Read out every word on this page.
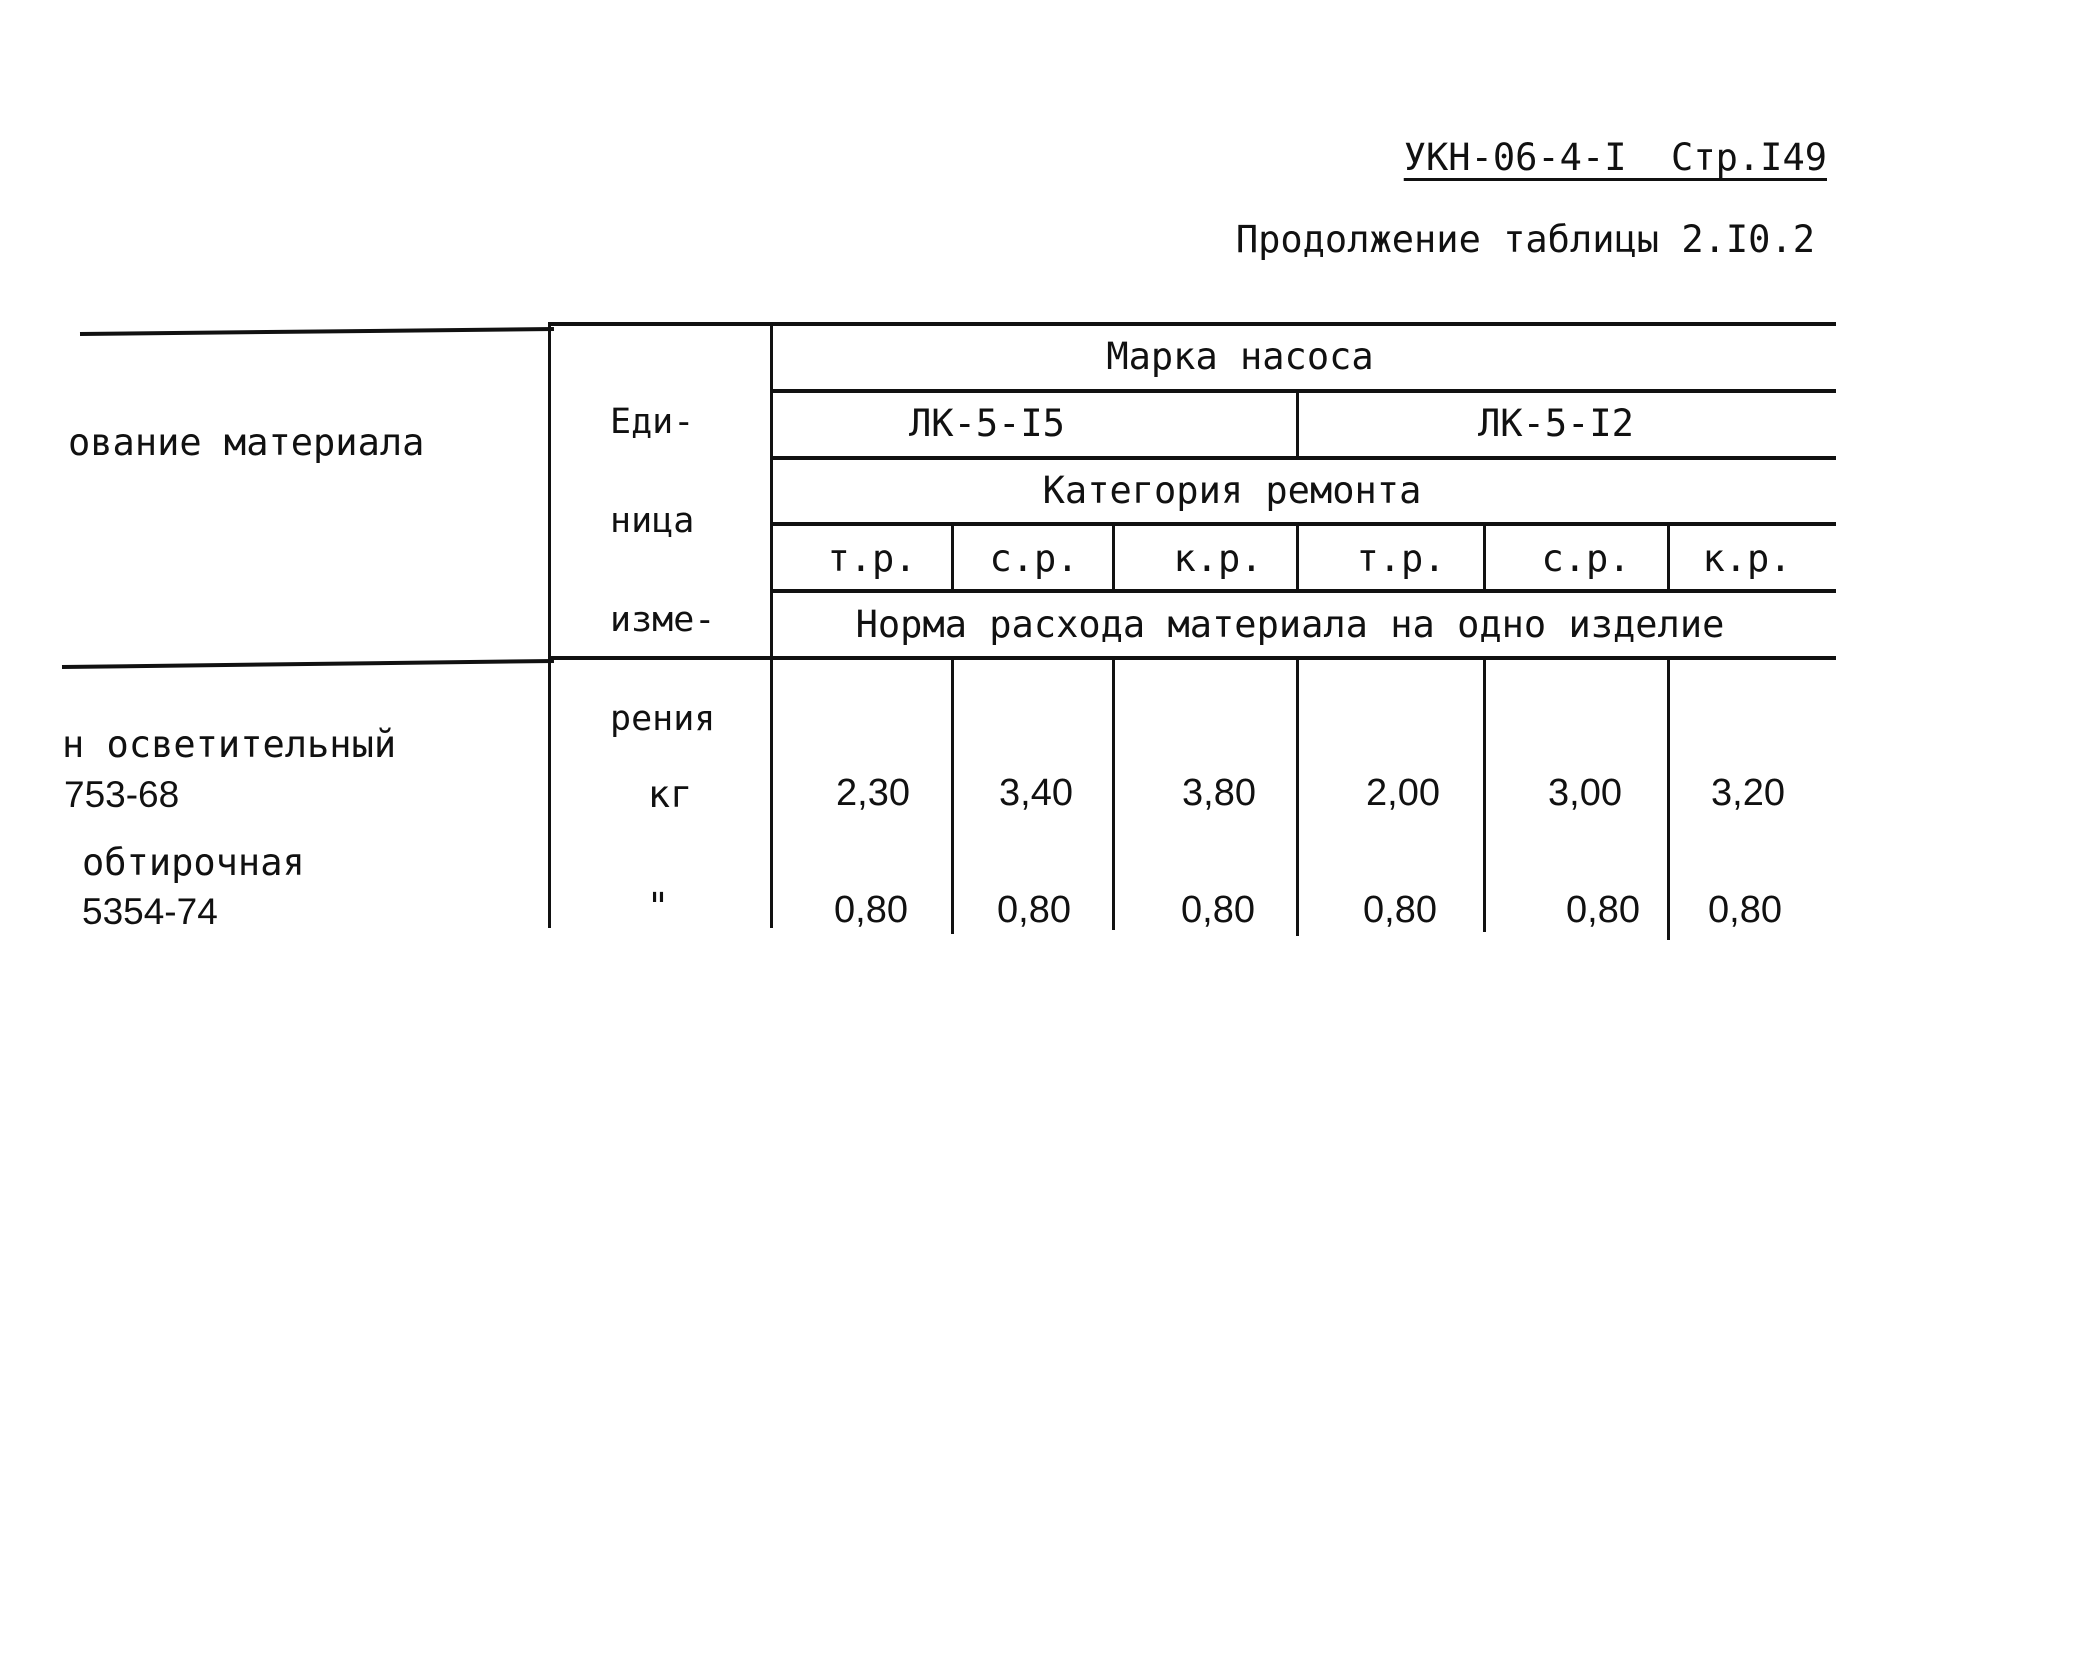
УКН-06-4-I  Стр.I49
Продолжение таблицы 2.I0.2
ование материала

	Еди-

ница

изме-

рения

Марка насоса
ЛК-5-I5	ЛК-5-I2
Категория ремонта
т.р. с.р.	к.р.	т.р.	с.р. к.р.
Норма расхода материала на одно изделие
н осветительный
753-68	кг	2,30 3,40	3,80	2,00	3,00 3,20
обтирочная
5354-74	"	0,80 0,80	0,80	0,80	0,80 0,80
